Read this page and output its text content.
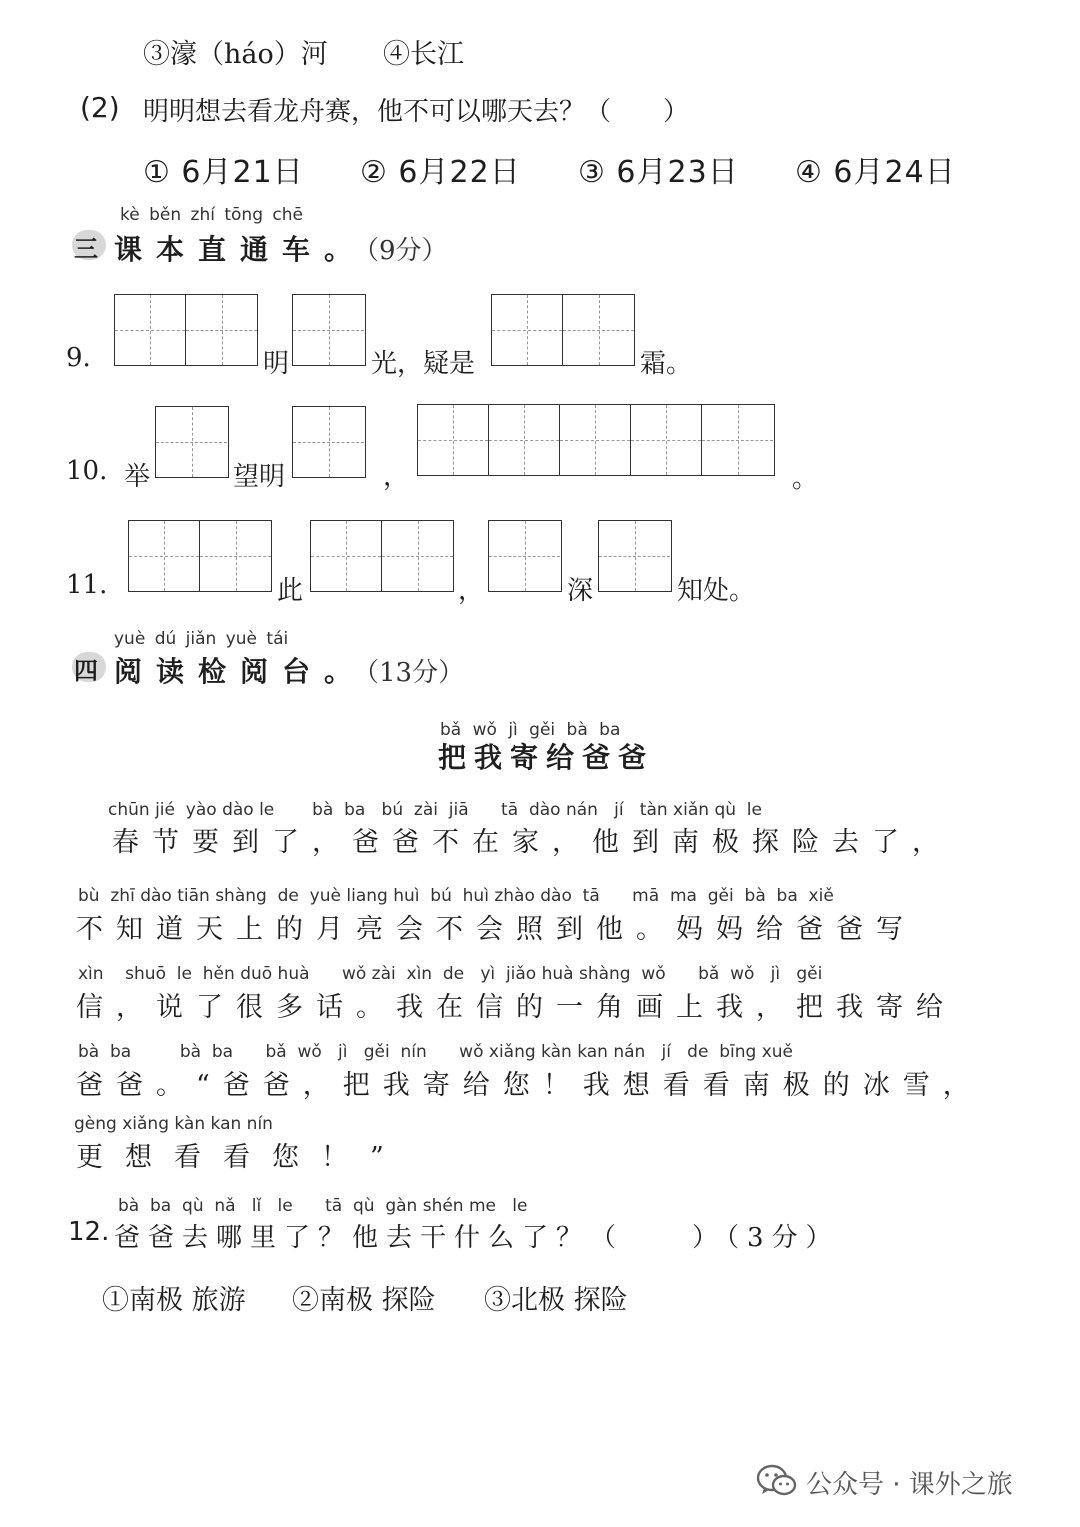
③濠（háo）河 ④长江
(2) 明明想去看龙舟赛，他不可以哪天去？（　　）
① 6月21日 ② 6月22日 ③ 6月23日 ④ 6月24日
kè běn zhí tōng chē
三 课本直通车。（9分）
9.	明	光，疑是	霜。
10. 举	望明	，	。
11.	此	，	深	知处。
yuè dú jiǎn yuè tái
四 阅读检阅台。（13分）
bǎ wǒ jì gěi bà ba
把我寄给爸爸
chūn jié  yào dào le       bà  ba   bú  zài  jiā      tā  dào nán   jí   tàn xiǎn qù  le
春节要到了，爸爸不在家，他到南极探险去了，
bù  zhī dào tiān shàng  de  yuè liang huì  bú  huì zhào dào  tā      mā  ma  gěi  bà  ba  xiě
不知道天上的月亮会不会照到他。妈妈给爸爸写
xìn    shuō  le  hěn duō huà      wǒ zài  xìn  de   yì  jiǎo huà shàng  wǒ      bǎ  wǒ   jì   gěi
信，说了很多话。我在信的一角画上我，把我寄给
bà  ba         bà  ba      bǎ  wǒ   jì   gěi  nín      wǒ xiǎng kàn kan nán   jí   de  bīng xuě
爸爸。“爸爸，把我寄给您！我想看看南极的冰雪，
gèng xiǎng kàn kan nín
更想看看您！”
bà  ba  qù  nǎ   lǐ   le      tā  qù  gàn shén me   le
12. 爸爸去哪里了？他去干什么了？（　　）（3分）
①南极 旅游 ②南极 探险 ③北极 探险
公众号 · 课外之旅
